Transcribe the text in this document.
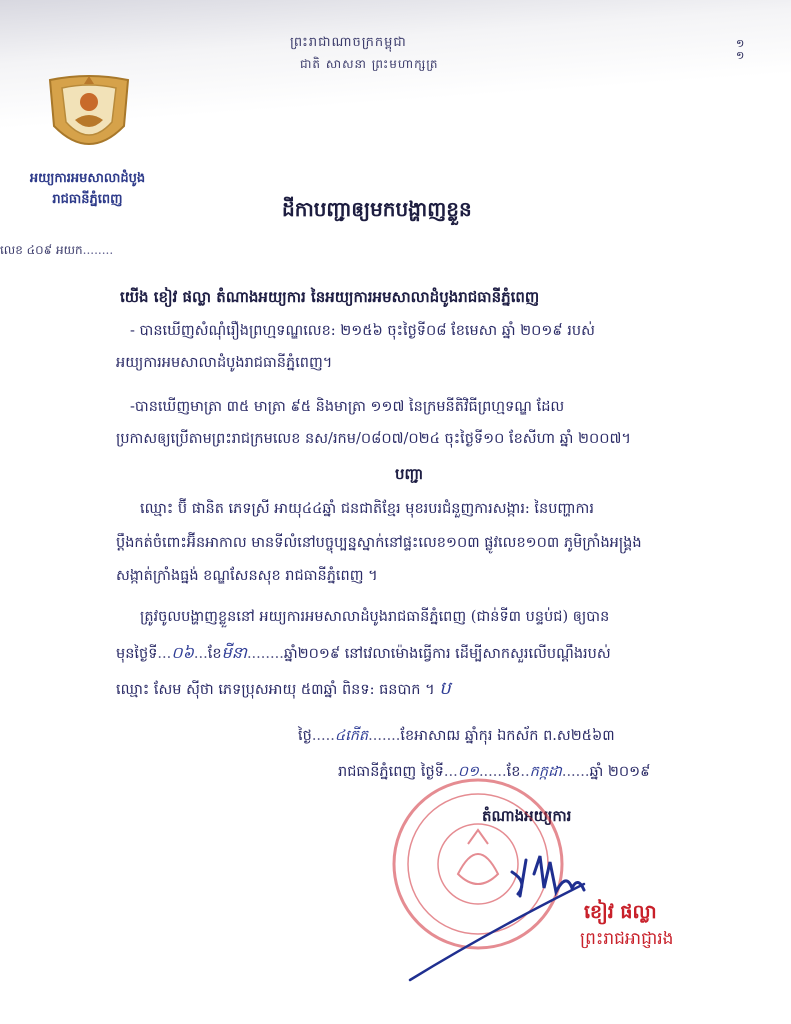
ព្រះរាជាណាចក្រកម្ពុជា
ជាតិ សាសនា ព្រះមហាក្សត្រ
១
១
អយ្យការអមសាលាដំបូង
រាជធានីភ្នំពេញ
លេខ ៤០៩ អយក........
ដីកាបញ្ជាឲ្យមកបង្ហាញខ្លួន
យើង ខៀវ ផល្លា តំណាងអយ្យការ នៃអយ្យការអមសាលាដំបូងរាជធានីភ្នំពេញ
- បានឃើញសំណុំរឿងព្រហ្មទណ្ឌលេខ: ២១៥៦ ចុះថ្ងៃទី០៨ ខែមេសា ឆ្នាំ ២០១៩ របស់
អយ្យការអមសាលាដំបូងរាជធានីភ្នំពេញ។
-បានឃើញមាត្រា ៣៥ មាត្រា ៩៥ និងមាត្រា ១១៧ នៃក្រមនីតិវិធីព្រហ្មទណ្ឌ ដែល
ប្រកាសឲ្យប្រើតាមព្រះរាជក្រមលេខ នស/រកម/០៨០៧/០២៤ ចុះថ្ងៃទី១០ ខែសីហា ឆ្នាំ ២០០៧។
បញ្ជា
ឈ្មោះ ប៊ី ផានិត ភេទស្រី អាយុ៤៤ឆ្នាំ ជនជាតិខ្មែរ មុខរបរជំនួញការសង្ការ: នៃបញ្ហាការ
ប្ដឹងកត់ចំពោះអ៊ីនអាកាល មានទីលំនៅបច្ចុប្បន្នស្នាក់នៅផ្ទះលេខ១០៣ ផ្លូវលេខ១០៣ ភូមិក្រាំងអង្គ្រង
សង្កាត់ក្រាំងធ្នង់ ខណ្ឌសែនសុខ រាជធានីភ្នំពេញ ។
ត្រូវចូលបង្ហាញខ្លួននៅ អយ្យការអមសាលាដំបូងរាជធានីភ្នំពេញ (ជាន់ទី៣ បន្ទប់ជ) ឲ្យបាន
មុនថ្ងៃទី...០៦...ខែមីនា........ឆ្នាំ២០១៩ នៅវេលាម៉ោងធ្វើការ ដើម្បីសាកសួរលើបណ្ដឹងរបស់
ឈ្មោះ សែម ស៊ីថា ភេទប្រុសអាយុ ៥៣ឆ្នាំ ពិនទ: ធនបាក ។ ប
ថ្ងៃ.....៤កើត.......ខែអាសាឍ ឆ្នាំកុរ ឯកស័ក ព.ស២៥៦៣
រាជធានីភ្នំពេញ ថ្ងៃទី...០១......ខែ..កក្កដា......ឆ្នាំ ២០១៩
តំណាងអយ្យការ
ខៀវ ផល្លា
ព្រះរាជអាជ្ញារង
